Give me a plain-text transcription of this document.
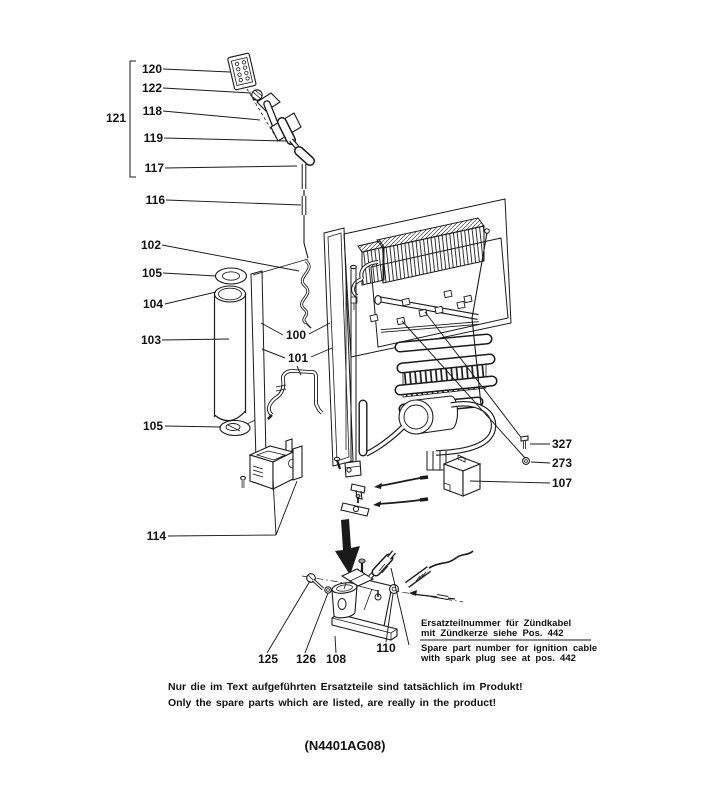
120
122
121 118
119
117
116
102
105
104
103
105
114
100
101
327
273
107
125 126 108
110
Ersatzteilnummer für Zündkabel
mit Zündkerze siehe Pos. 442
Spare part number for ignition cable
with spark plug see at pos. 442
Nur die im Text aufgeführten Ersatzteile sind tatsächlich im Produkt!
Only the spare parts which are listed, are really in the product!
(N4401AG08)
